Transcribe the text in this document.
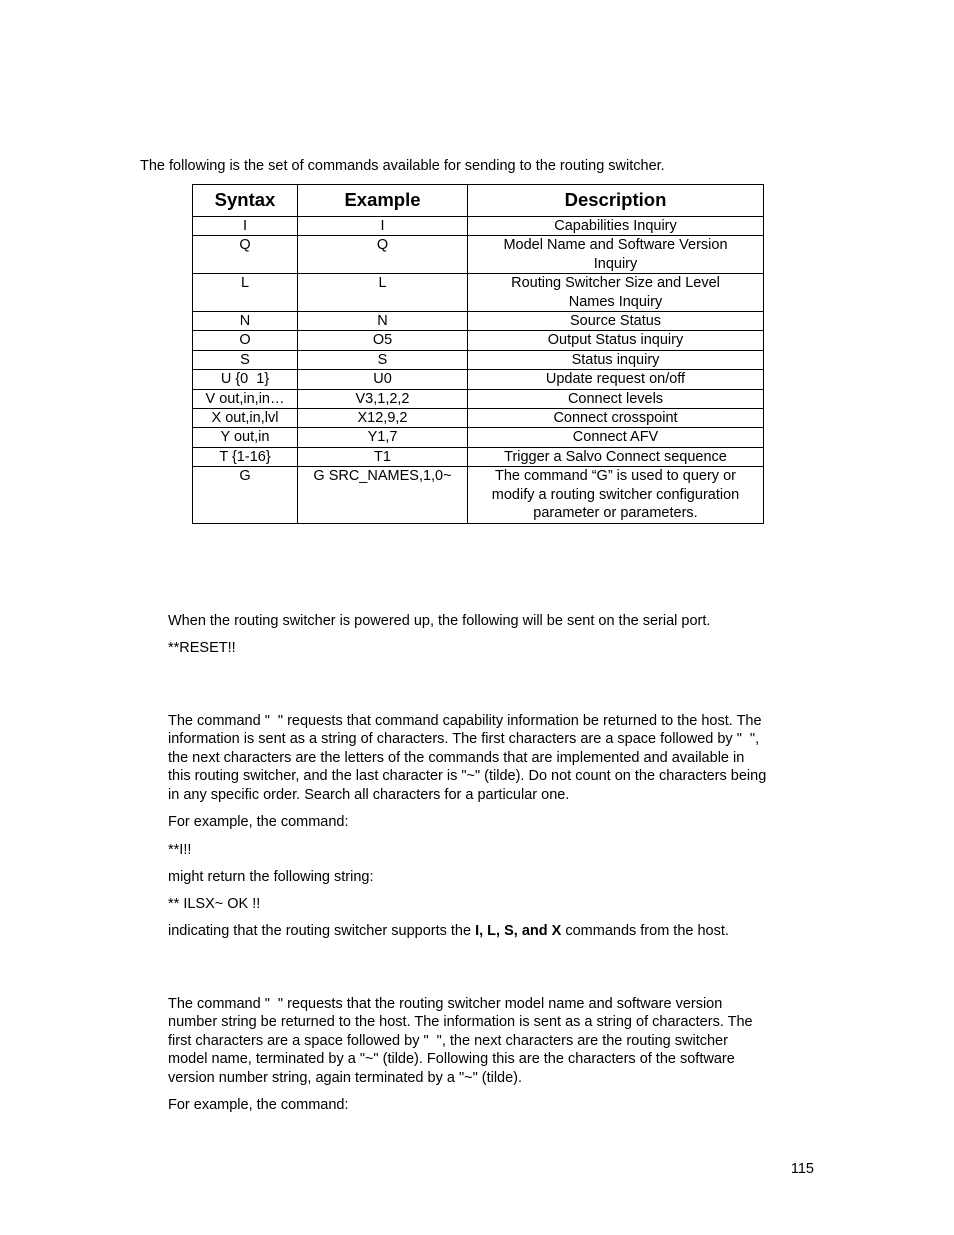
The following is the set of commands available for sending to the routing switcher.

Syntax	Example	Description
I	I	Capabilities Inquiry
Q	Q	Model Name and Software Version Inquiry
L	L	Routing Switcher Size and Level Names Inquiry
N	N	Source Status
O	O5	Output Status inquiry
S	S	Status inquiry
U {0  1}	U0	Update request on/off
V out,in,in…	V3,1,2,2	Connect levels
X out,in,lvl	X12,9,2	Connect crosspoint
Y out,in	Y1,7	Connect AFV
T {1-16}	T1	Trigger a Salvo Connect sequence
G	G SRC_NAMES,1,0~	The command “G” is used to query or modify a routing switcher configuration parameter or parameters.

When the routing switcher is powered up, the following will be sent on the serial port.

**RESET!!

The command "  " requests that command capability information be returned to the host. The

information is sent as a string of characters. The first characters are a space followed by "  ",

the next characters are the letters of the commands that are implemented and available in

this routing switcher, and the last character is "~" (tilde). Do not count on the characters being

in any specific order. Search all characters for a particular one.

For example, the command:

**I!!

might return the following string:

** ILSX~ OK !!

indicating that the routing switcher supports the I, L, S, and X commands from the host.

The command "  " requests that the routing switcher model name and software version

number string be returned to the host. The information is sent as a string of characters. The

first characters are a space followed by "  ", the next characters are the routing switcher

model name, terminated by a "~" (tilde). Following this are the characters of the software

version number string, again terminated by a "~" (tilde).

For example, the command:

115
